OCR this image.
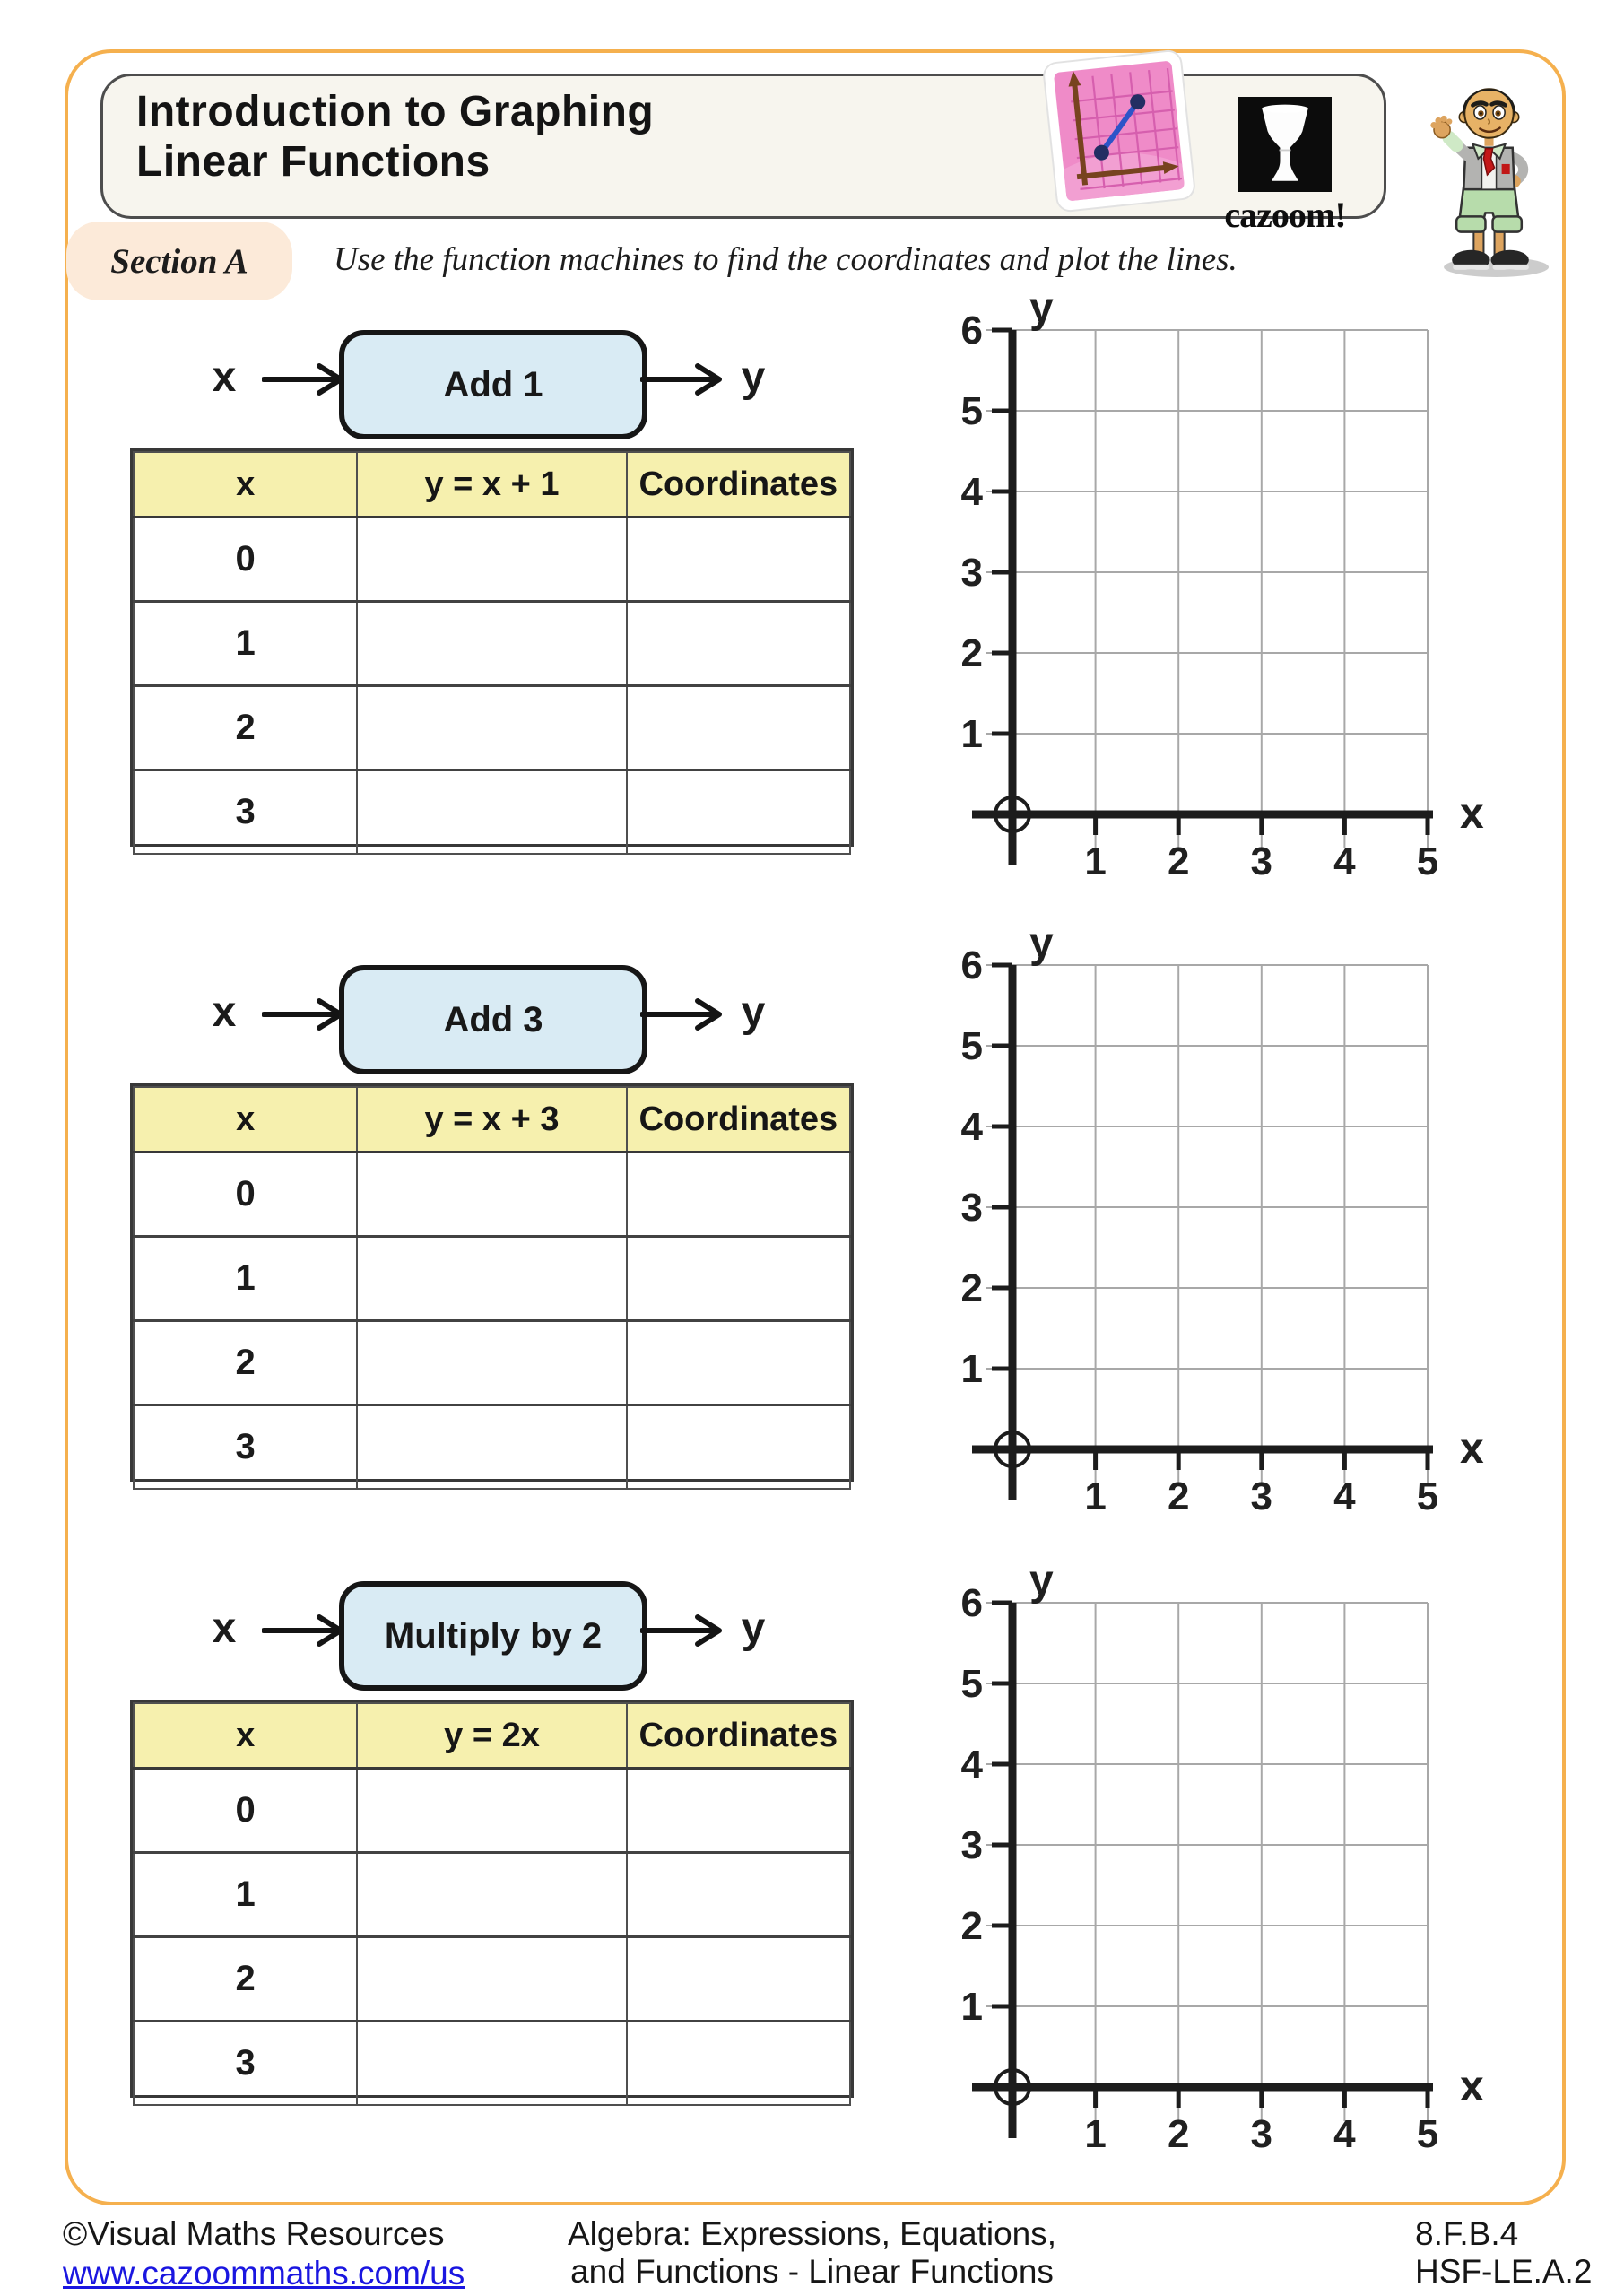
Introduction to Graphing
Linear Functions
cazoom!
Section A	Use the function machines to find the coordinates and plot the lines.
x	Add 1	y
x	y = x + 1	Coordinates
0		
1		
2		
3		
y
x
6
5
4
3
2
1
1 2 3 4 5
x	Add 3	y
x	y = x + 3	Coordinates
0		
1		
2		
3		
y
x
6
5
4
3
2
1
1 2 3 4 5
x	Multiply by 2	y
x	y = 2x	Coordinates
0		
1		
2		
3		
y
x
6
5
4
3
2
1
1 2 3 4 5
©Visual Maths Resources
www.cazoommaths.com/us
Algebra: Expressions, Equations,
and Functions - Linear Functions
8.F.B.4
HSF-LE.A.2
